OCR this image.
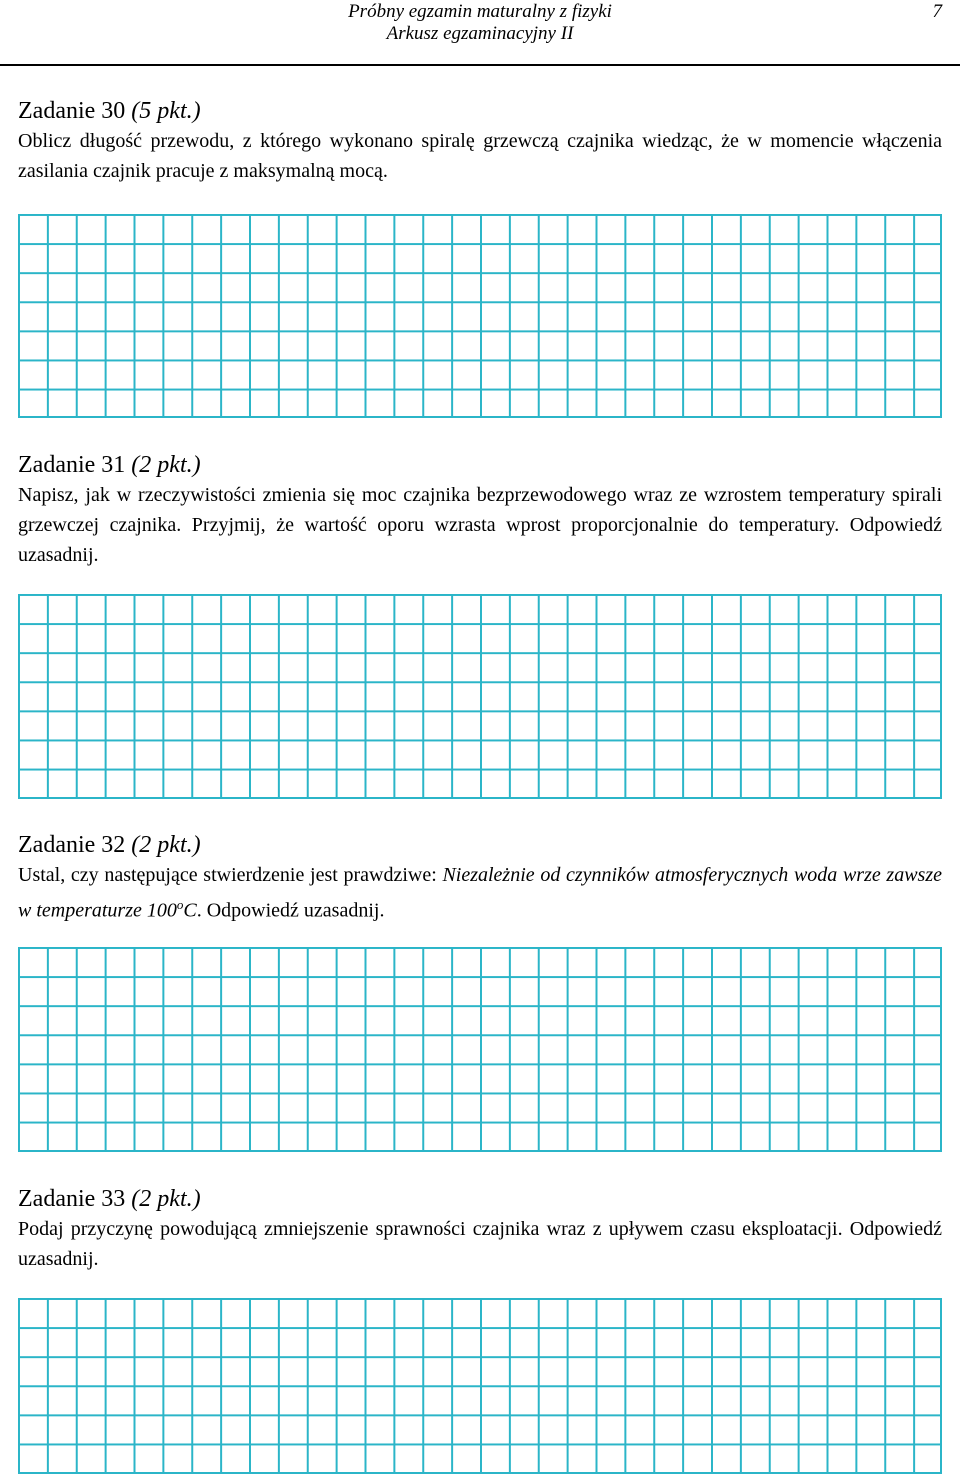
Próbny egzamin maturalny z fizyki
Arkusz egzaminacyjny II
7
Zadanie 30 (5 pkt.)
Oblicz długość przewodu, z którego wykonano spiralę grzewczą czajnika wiedząc, że w momencie włączenia zasilania czajnik pracuje z maksymalną mocą.
Zadanie 31 (2 pkt.)
Napisz, jak w rzeczywistości zmienia się moc czajnika bezprzewodowego wraz ze wzrostem temperatury spirali grzewczej czajnika. Przyjmij, że wartość oporu wzrasta wprost proporcjonalnie do temperatury. Odpowiedź uzasadnij.
Zadanie 32 (2 pkt.)
Ustal, czy następujące stwierdzenie jest prawdziwe: Niezależnie od czynników atmosferycznych woda wrze zawsze w temperaturze 100$^o$C. Odpowiedź uzasadnij.
Zadanie 33 (2 pkt.)
Podaj przyczynę powodującą zmniejszenie sprawności czajnika wraz z upływem czasu eksploatacji. Odpowiedź uzasadnij.
